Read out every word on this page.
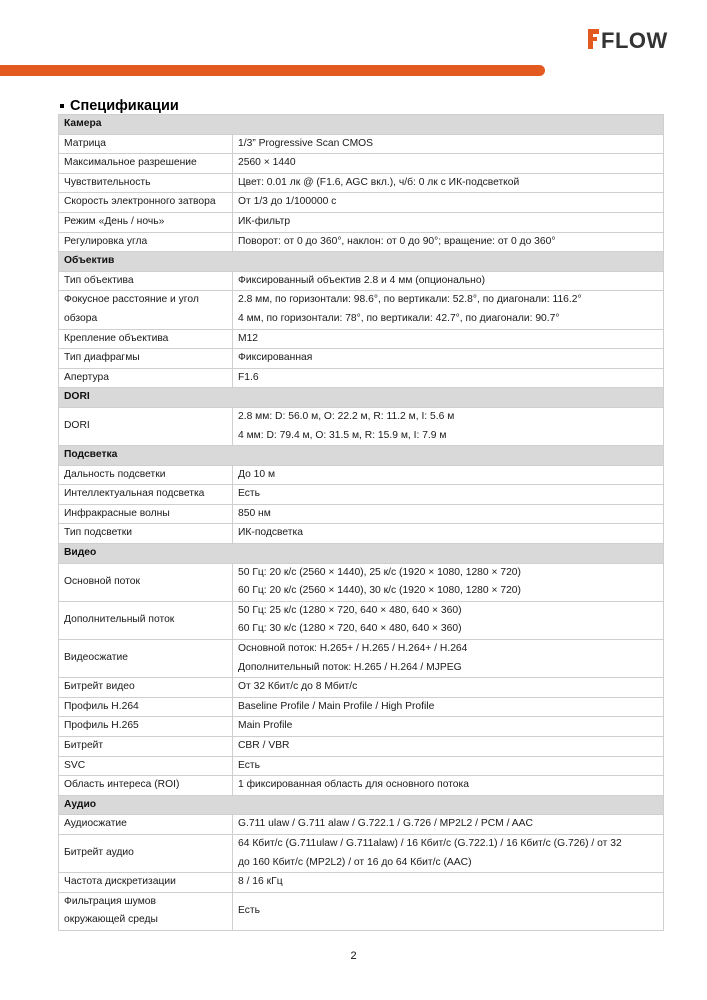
FLOW
Спецификации
Камера	

Матрица	1/3” Progressive Scan CMOS

Максимальное разрешение	2560 × 1440

Чувствительность	Цвет: 0.01 лк @ (F1.6, AGC вкл.), ч/б: 0 лк с ИК-подсветкой

Скорость электронного затвора	От 1/3 до 1/100000 с

Режим «День / ночь»	ИК-фильтр

Регулировка угла	Поворот: от 0 до 360°, наклон: от 0 до 90°; вращение: от 0 до 360°

Объектив	

Тип объектива	Фиксированный объектив 2.8 и 4 мм (опционально)

Фокусное расстояние и угол
обзора	2.8 мм, по горизонтали: 98.6°, по вертикали: 52.8°, по диагонали: 116.2°
4 мм, по горизонтали: 78°, по вертикали: 42.7°, по диагонали: 90.7°

Крепление объектива	M12

Тип диафрагмы	Фиксированная

Апертура	F1.6

DORI	

DORI	2.8 мм: D: 56.0 м, O: 22.2 м, R: 11.2 м, I: 5.6 м
4 мм: D: 79.4 м, O: 31.5 м, R: 15.9 м, I: 7.9 м

Подсветка	

Дальность подсветки	До 10 м

Интеллектуальная подсветка	Есть

Инфракрасные волны	850 нм

Тип подсветки	ИК-подсветка

Видео	

Основной поток	50 Гц: 20 к/с (2560 × 1440), 25 к/с (1920 × 1080, 1280 × 720)
60 Гц: 20 к/с (2560 × 1440), 30 к/с (1920 × 1080, 1280 × 720)

Дополнительный поток	50 Гц: 25 к/с (1280 × 720, 640 × 480, 640 × 360)
60 Гц: 30 к/с (1280 × 720, 640 × 480, 640 × 360)

Видеосжатие	Основной поток: H.265+ / H.265 / H.264+ / H.264
Дополнительный поток: H.265 / H.264 / MJPEG

Битрейт видео	От 32 Кбит/с до 8 Мбит/с

Профиль H.264	Baseline Profile / Main Profile / High Profile

Профиль H.265	Main Profile

Битрейт	CBR / VBR

SVC	Есть

Область интереса (ROI)	1 фиксированная область для основного потока

Аудио	

Аудиосжатие	G.711 ulaw / G.711 alaw / G.722.1 / G.726 / MP2L2 / PCM / AAC

Битрейт аудио	64 Кбит/с (G.711ulaw / G.711alaw) / 16 Кбит/с (G.722.1) / 16 Кбит/с (G.726) / от 32
до 160 Кбит/с (MP2L2) / от 16 до 64 Кбит/с (AAC)

Частота дискретизации	8 / 16 кГц

Фильтрация шумов
окружающей среды	Есть
2
